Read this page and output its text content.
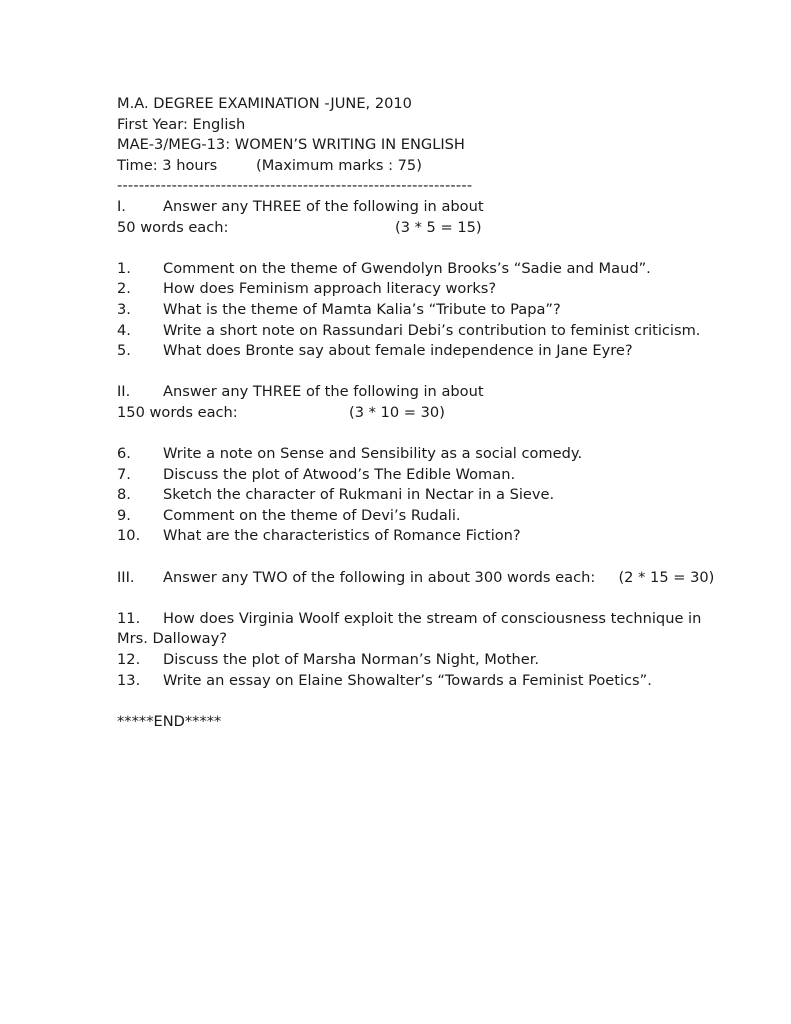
M.A. DEGREE EXAMINATION -JUNE, 2010
First Year: English
MAE-3/MEG-13: WOMEN’S WRITING IN ENGLISH
Time: 3 hours	(Maximum marks : 75)
-----------------------------------------------------------------
I.	Answer any THREE of the following in about
50 words each:	(3 * 5 = 15)
1. Comment on the theme of Gwendolyn Brooks’s “Sadie and Maud”.
2. How does Feminism approach literacy works?
3. What is the theme of Mamta Kalia’s “Tribute to Papa”?
4. Write a short note on Rassundari Debi’s contribution to feminist criticism.
5. What does Bronte say about female independence in Jane Eyre?
II. Answer any THREE of the following in about
150 words each:	(3 * 10 = 30)
6. Write a note on Sense and Sensibility as a social comedy.
7. Discuss the plot of Atwood’s The Edible Woman.
8. Sketch the character of Rukmani in Nectar in a Sieve.
9. Comment on the theme of Devi’s Rudali.
10. What are the characteristics of Romance Fiction?
III. Answer any TWO of the following in about 300 words each: (2 * 15 = 30)
11. How does Virginia Woolf exploit the stream of consciousness technique in
Mrs. Dalloway?
12. Discuss the plot of Marsha Norman’s Night, Mother.
13. Write an essay on Elaine Showalter’s “Towards a Feminist Poetics”.
*****END*****
